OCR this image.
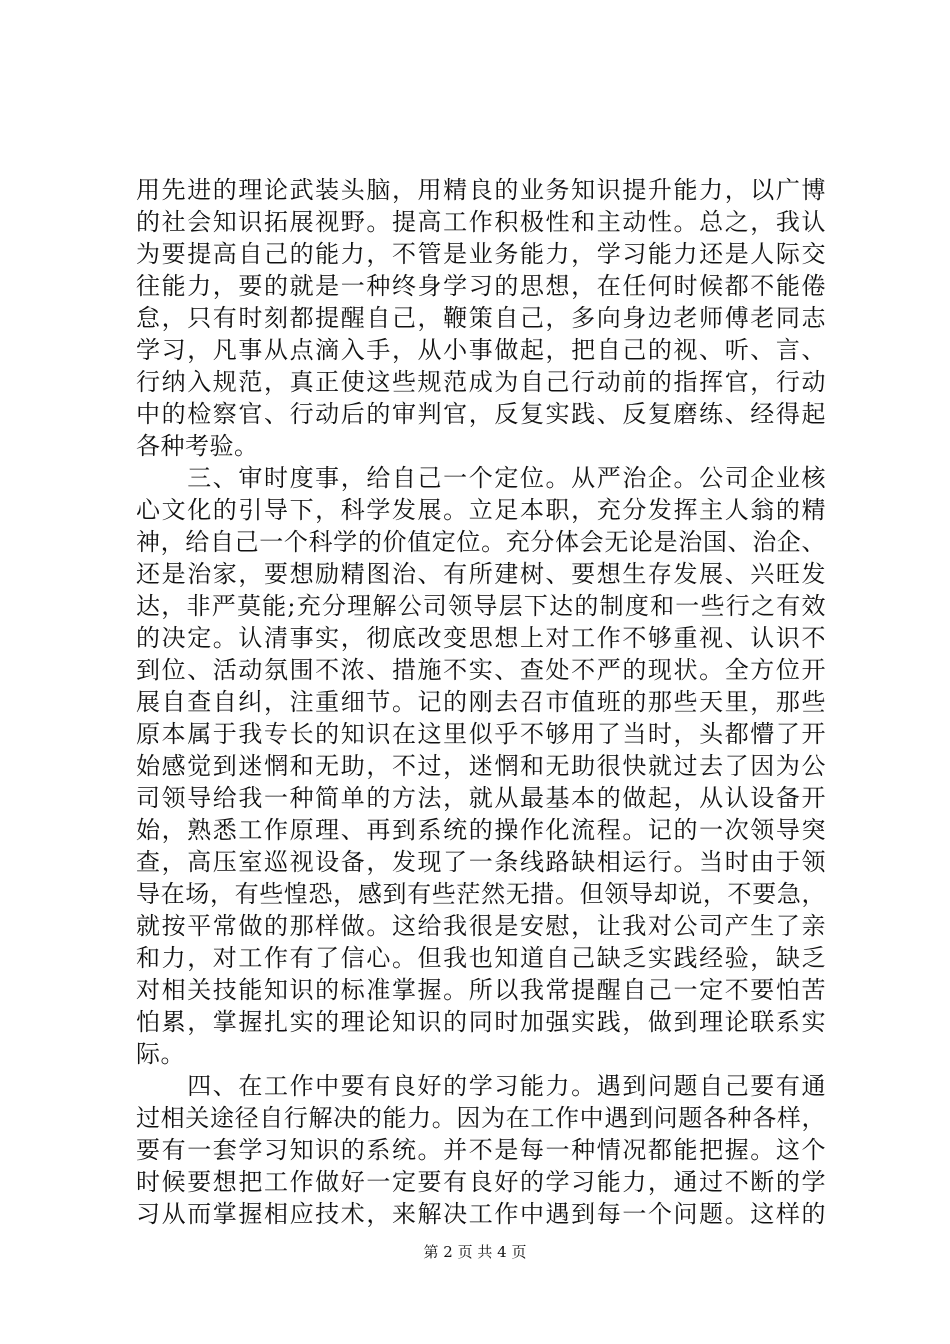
用先进的理论武装头脑，用精良的业务知识提升能力，以广博
的社会知识拓展视野。提高工作积极性和主动性。总之，我认
为要提高自己的能力，不管是业务能力，学习能力还是人际交
往能力，要的就是一种终身学习的思想，在任何时候都不能倦
怠，只有时刻都提醒自己，鞭策自己，多向身边老师傅老同志
学习，凡事从点滴入手，从小事做起，把自己的视、听、言、
行纳入规范，真正使这些规范成为自己行动前的指挥官，行动
中的检察官、行动后的审判官，反复实践、反复磨练、经得起
各种考验。
　　三、审时度事，给自己一个定位。从严治企。公司企业核
心文化的引导下，科学发展。立足本职，充分发挥主人翁的精
神，给自己一个科学的价值定位。充分体会无论是治国、治企、
还是治家，要想励精图治、有所建树、要想生存发展、兴旺发
达，非严莫能;充分理解公司领导层下达的制度和一些行之有效
的决定。认清事实，彻底改变思想上对工作不够重视、认识不
到位、活动氛围不浓、措施不实、查处不严的现状。全方位开
展自查自纠，注重细节。记的刚去召市值班的那些天里，那些
原本属于我专长的知识在这里似乎不够用了当时，头都懵了开
始感觉到迷惘和无助，不过，迷惘和无助很快就过去了因为公
司领导给我一种简单的方法，就从最基本的做起，从认设备开
始，熟悉工作原理、再到系统的操作化流程。记的一次领导突
查，高压室巡视设备，发现了一条线路缺相运行。当时由于领
导在场，有些惶恐，感到有些茫然无措。但领导却说，不要急，
就按平常做的那样做。这给我很是安慰，让我对公司产生了亲
和力，对工作有了信心。但我也知道自己缺乏实践经验，缺乏
对相关技能知识的标准掌握。所以我常提醒自己一定不要怕苦
怕累，掌握扎实的理论知识的同时加强实践，做到理论联系实
际。
　　四、在工作中要有良好的学习能力。遇到问题自己要有通
过相关途径自行解决的能力。因为在工作中遇到问题各种各样，
要有一套学习知识的系统。并不是每一种情况都能把握。这个
时候要想把工作做好一定要有良好的学习能力，通过不断的学
习从而掌握相应技术，来解决工作中遇到每一个问题。这样的
第 2 页 共 4 页
